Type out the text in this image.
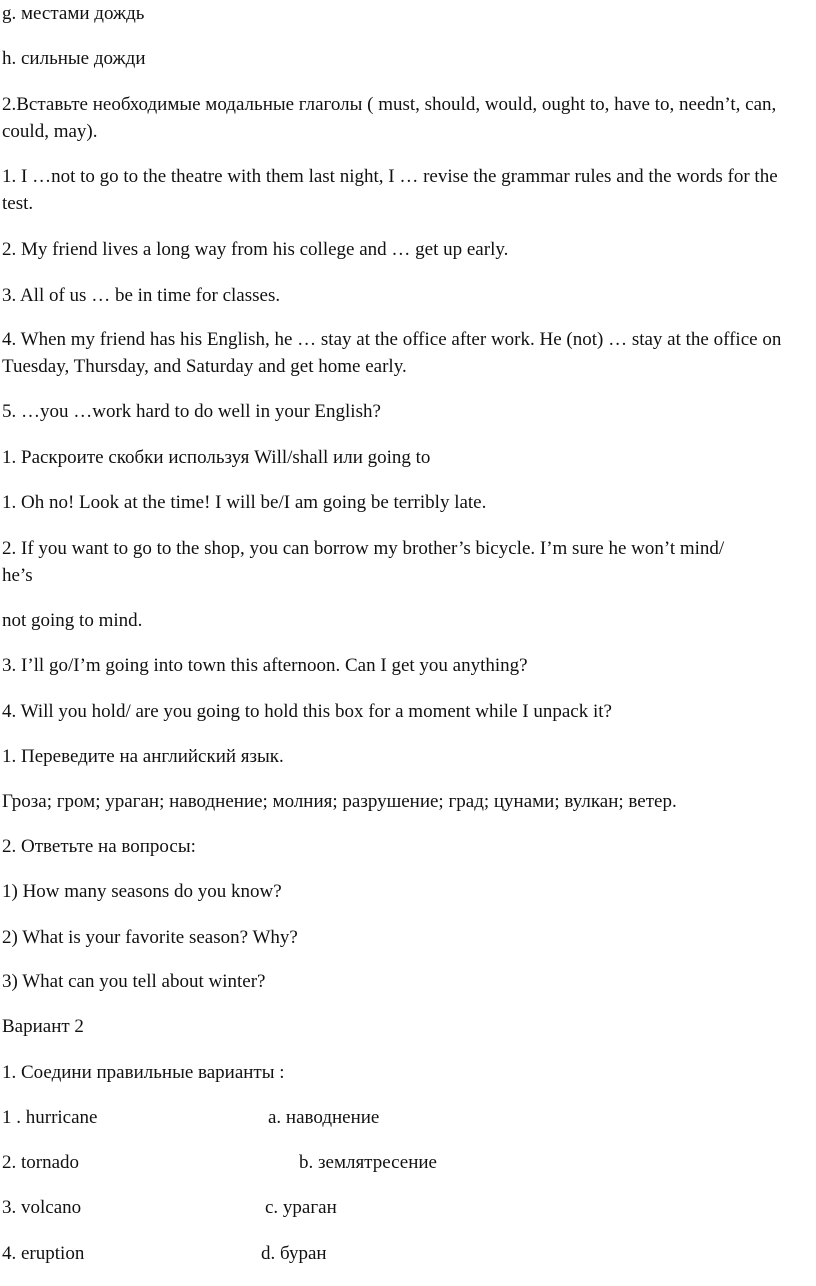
g. местами дождь
h. сильные дожди
2.Вставьте необходимые модальные глаголы ( must, should, would, ought to, have to, needn’t, can, could, may).
1. I …not to go to the theatre with them last night, I … revise the grammar rules and the words for the test.
2. My friend lives a long way from his college and … get up early.
3. All of us … be in time for classes.
4. When my friend has his English, he … stay at the office after work. He (not) … stay at the office on Tuesday, Thursday, and Saturday and get home early.
5. …you …work hard to do well in your English?
1. Раскроите скобки используя Will/shall или going to
1. Oh no! Look at the time! I will be/I am going be terribly late.
2. If you want to go to the shop, you can borrow my brother’s bicycle. I’m sure he won’t mind/
he’s
not going to mind.
3. I’ll go/I’m going into town this afternoon. Can I get you anything?
4. Will you hold/ are you going to hold this box for a moment while I unpack it?
1. Переведите на английский язык.
Гроза; гром; ураган; наводнение; молния; разрушение; град; цунами; вулкан; ветер.
2. Ответьте на вопросы:
1) How many seasons do you know?
2) What is your favorite season? Why?
3) What can you tell about winter?
Вариант 2
1. Соедини правильные варианты :
1 . hurricane	a. наводнение
2. tornado	b. землятресение
3. volcano	c. ураган
4. eruption	d. буран
